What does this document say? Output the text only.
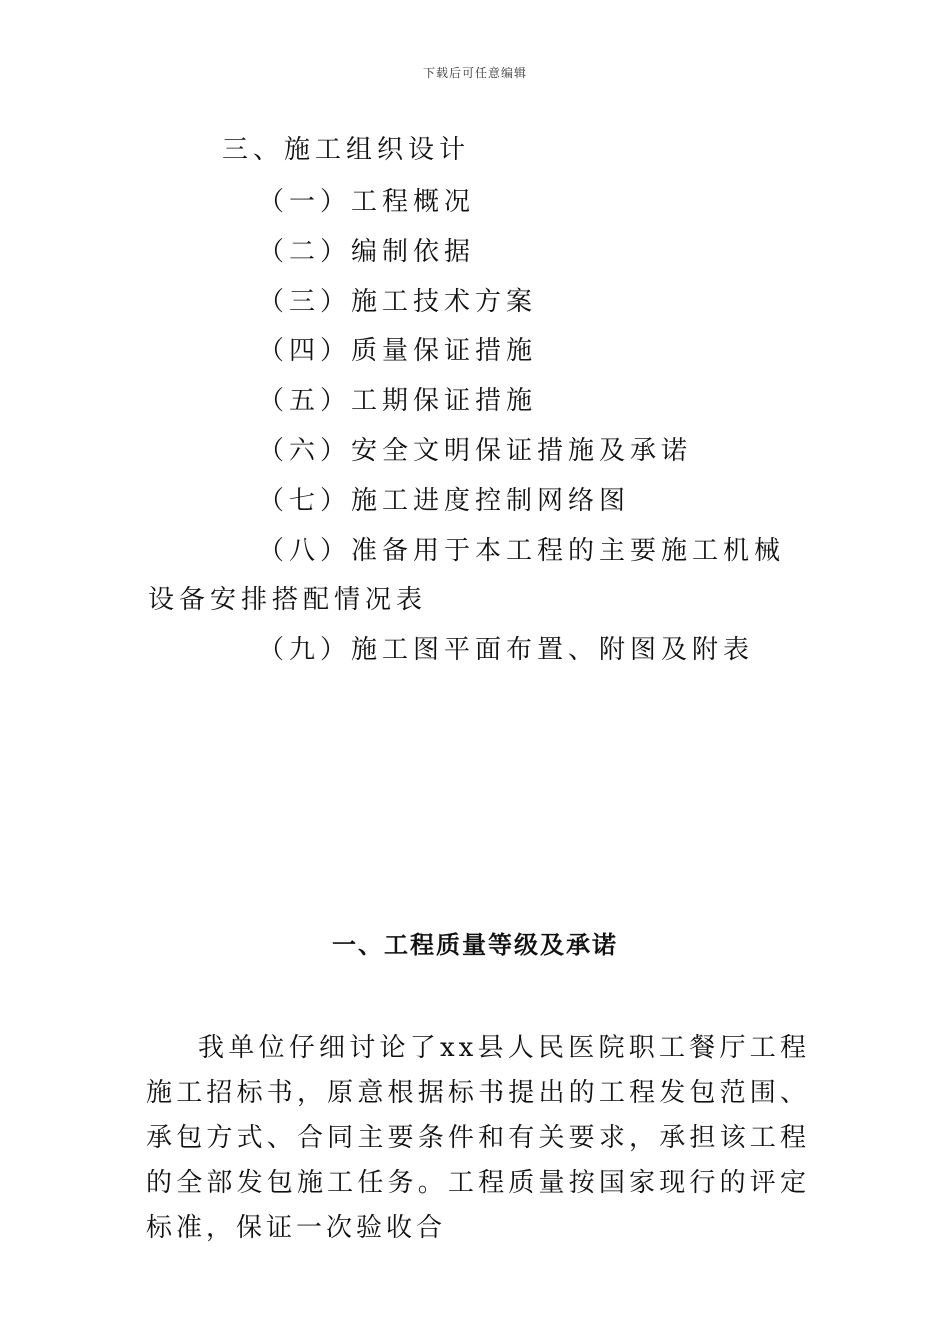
下载后可任意编辑
三、施工组织设计
（一）工程概况
（二）编制依据
（三）施工技术方案
（四）质量保证措施
（五）工期保证措施
（六）安全文明保证措施及承诺
（七）施工进度控制网络图
（八）准备用于本工程的主要施工机械设备安排搭配情况表
（九）施工图平面布置、附图及附表
一、工程质量等级及承诺

我单位仔细讨论了xx县人民医院职工餐厅工程施工招标书，原意根据标书提出的工程发包范围、承包方式、合同主要条件和有关要求，承担该工程的全部发包施工任务。工程质量按国家现行的评定标准，保证一次验收合
